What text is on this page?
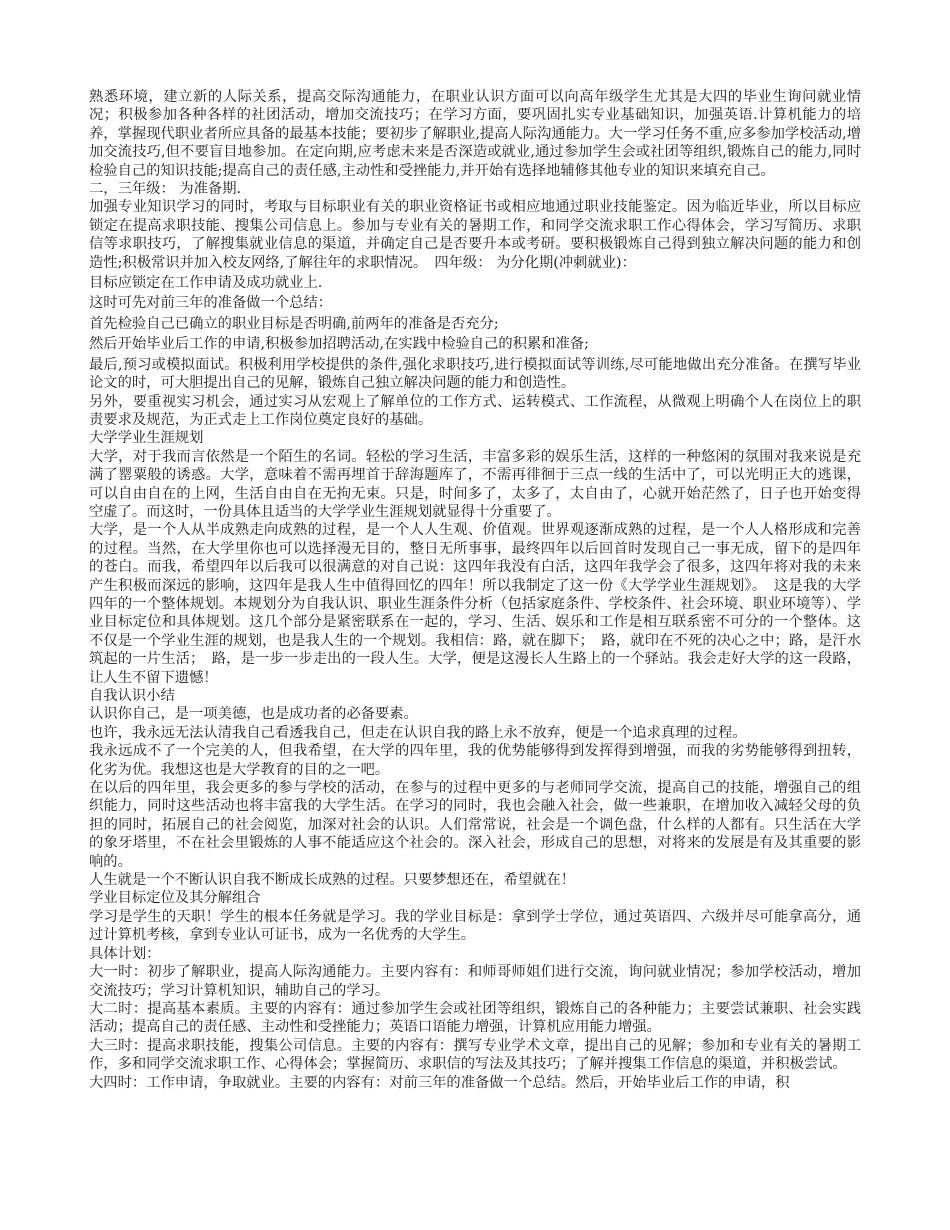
熟悉环境，建立新的人际关系，提高交际沟通能力，在职业认识方面可以向高年级学生尤其是大四的毕业生询问就业情况；积极参加各种各样的社团活动，增加交流技巧；在学习方面，要巩固扎实专业基础知识，加强英语.计算机能力的培养，掌握现代职业者所应具备的最基本技能；要初步了解职业,提高人际沟通能力。大一学习任务不重,应多参加学校活动,增加交流技巧,但不要盲目地参加。在定向期,应考虑未来是否深造或就业,通过参加学生会或社团等组织,锻炼自己的能力,同时检验自己的知识技能;提高自己的责任感,主动性和受挫能力,并开始有选择地辅修其他专业的知识来填充自己。

二，三年级： 为准备期.

加强专业知识学习的同时，考取与目标职业有关的职业资格证书或相应地通过职业技能鉴定。因为临近毕业，所以目标应锁定在提高求职技能、搜集公司信息上。参加与专业有关的暑期工作，和同学交流求职工作心得体会，学习写简历、求职信等求职技巧，了解搜集就业信息的渠道，并确定自己是否要升本或考研。要积极锻炼自己得到独立解决问题的能力和创造性;积极常识并加入校友网络,了解往年的求职情况。　四年级： 为分化期(冲刺就业)：

目标应锁定在工作申请及成功就业上.

这时可先对前三年的准备做一个总结：

首先检验自己已确立的职业目标是否明确,前两年的准备是否充分;

然后开始毕业后工作的申请,积极参加招聘活动,在实践中检验自己的积累和准备;

最后,预习或模拟面试。积极利用学校提供的条件,强化求职技巧,进行模拟面试等训练,尽可能地做出充分准备。在撰写毕业论文的时，可大胆提出自己的见解，锻炼自己独立解决问题的能力和创造性。

另外，要重视实习机会，通过实习从宏观上了解单位的工作方式、运转模式、工作流程，从微观上明确个人在岗位上的职责要求及规范，为正式走上工作岗位奠定良好的基础。

大学学业生涯规划

大学，对于我而言依然是一个陌生的名词。轻松的学习生活，丰富多彩的娱乐生活，这样的一种悠闲的氛围对我来说是充满了罂粟般的诱惑。大学，意味着不需再埋首于辞海题库了，不需再徘徊于三点一线的生活中了，可以光明正大的逃课，可以自由自在的上网，生活自由自在无拘无束。只是，时间多了，太多了，太自由了，心就开始茫然了，日子也开始变得空虚了。而这时，一份具体且适当的大学学业生涯规划就显得十分重要了。

大学，是一个人从半成熟走向成熟的过程，是一个人人生观、价值观。世界观逐渐成熟的过程，是一个人人格形成和完善的过程。当然，在大学里你也可以选择漫无目的，整日无所事事，最终四年以后回首时发现自己一事无成，留下的是四年的苍白。而我，希望四年以后我可以很满意的对自己说：这四年我没有白活，这四年我学会了很多，这四年将对我的未来产生积极而深远的影响，这四年是我人生中值得回忆的四年！所以我制定了这一份《大学学业生涯规划》。　这是我的大学四年的一个整体规划。本规划分为自我认识、职业生涯条件分析（包括家庭条件、学校条件、社会环境、职业环境等）、学业目标定位和具体规划。这几个部分是紧密联系在一起的，学习、生活、娱乐和工作是相互联系密不可分的一个整体。这不仅是一个学业生涯的规划，也是我人生的一个规划。我相信：路，就在脚下；　路，就印在不死的决心之中；路，是汗水筑起的一片生活；　路，是一步一步走出的一段人生。大学，便是这漫长人生路上的一个驿站。我会走好大学的这一段路，让人生不留下遗憾！

自我认识小结

认识你自己，是一项美德，也是成功者的必备要素。

也许，我永远无法认清我自己看透我自己，但走在认识自我的路上永不放弃，便是一个追求真理的过程。

我永远成不了一个完美的人，但我希望，在大学的四年里，我的优势能够得到发挥得到增强，而我的劣势能够得到扭转，化劣为优。我想这也是大学教育的目的之一吧。

在以后的四年里，我会更多的参与学校的活动，在参与的过程中更多的与老师同学交流，提高自己的技能，增强自己的组织能力，同时这些活动也将丰富我的大学生活。在学习的同时，我也会融入社会，做一些兼职，在增加收入减轻父母的负担的同时，拓展自己的社会阅览，加深对社会的认识。人们常常说，社会是一个调色盘，什么样的人都有。只生活在大学的象牙塔里，不在社会里锻炼的人事不能适应这个社会的。深入社会，形成自己的思想，对将来的发展是有及其重要的影响的。

人生就是一个不断认识自我不断成长成熟的过程。只要梦想还在，希望就在！

学业目标定位及其分解组合

学习是学生的天职！学生的根本任务就是学习。我的学业目标是：拿到学士学位，通过英语四、六级并尽可能拿高分，通过计算机考核，拿到专业认可证书，成为一名优秀的大学生。

具体计划：

大一时：初步了解职业，提高人际沟通能力。主要内容有：和师哥师姐们进行交流，询问就业情况；参加学校活动，增加交流技巧；学习计算机知识，辅助自己的学习。

大二时：提高基本素质。主要的内容有：通过参加学生会或社团等组织，锻炼自己的各种能力；主要尝试兼职、社会实践活动；提高自己的责任感、主动性和受挫能力；英语口语能力增强，计算机应用能力增强。

大三时：提高求职技能，搜集公司信息。主要的内容有：撰写专业学术文章，提出自己的见解；参加和专业有关的暑期工作，多和同学交流求职工作、心得体会；掌握简历、求职信的写法及其技巧；了解并搜集工作信息的渠道，并积极尝试。

大四时：工作申请，争取就业。主要的内容有：对前三年的准备做一个总结。然后，开始毕业后工作的申请，积
